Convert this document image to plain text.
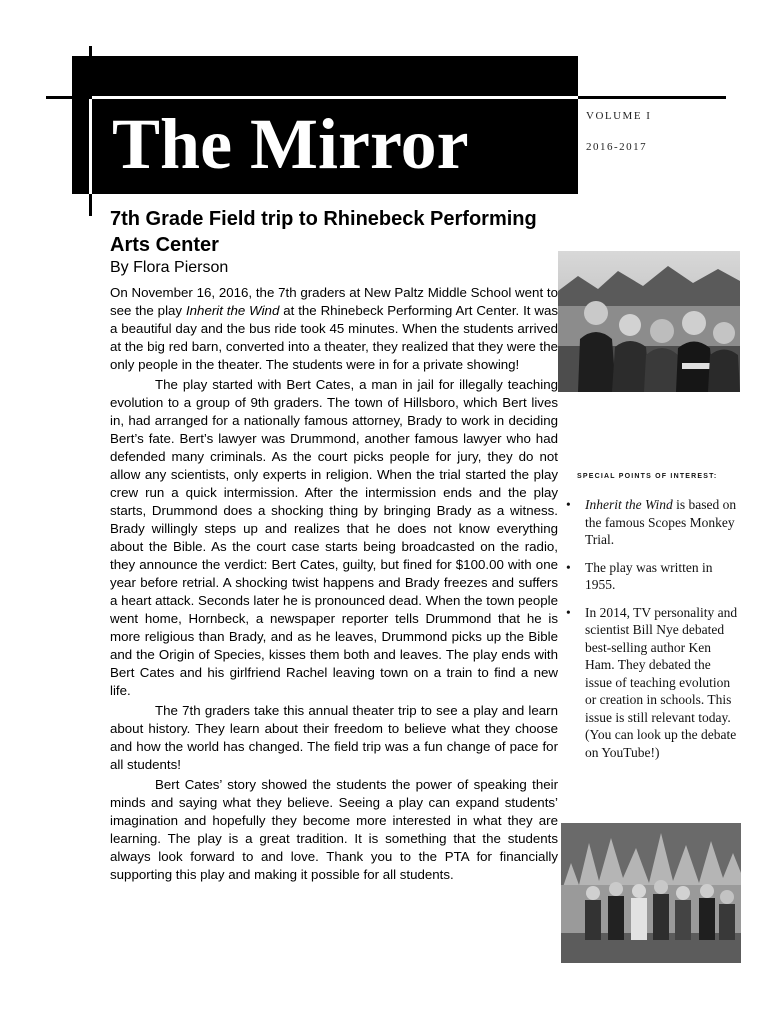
The Mirror	VOLUME I
2016-2017
7th Grade Field trip to Rhinebeck Performing Arts Center
By Flora Pierson

On November 16, 2016, the 7th graders at New Paltz Middle School went to see the play Inherit the Wind at the Rhinebeck Performing Art Center. It was a beautiful day and the bus ride took 45 minutes. When the students arrived at the big red barn, converted into a theater, they realized that they were the only people in the theater. The students were in for a private showing!

The play started with Bert Cates, a man in jail for illegally teaching evolution to a group of 9th graders. The town of Hillsboro, which Bert lives in, had arranged for a nationally famous attorney, Brady to work in deciding Bert’s fate. Bert’s lawyer was Drummond, another famous lawyer who had defended many criminals. As the court picks people for jury, they do not allow any scientists, only experts in religion. When the trial started the play crew run a quick intermission. After the intermission ends and the play starts, Drummond does a shocking thing by bringing Brady as a witness. Brady willingly steps up and realizes that he does not know everything about the Bible. As the court case starts being broadcasted on the radio, they announce the verdict: Bert Cates, guilty, but fined for $100.00 with one year before retrial. A shocking twist happens and Brady freezes and suffers a heart attack. Seconds later he is pronounced dead. When the town people went home, Hornbeck, a newspaper reporter tells Drummond that he is more religious than Brady, and as he leaves, Drummond picks up the Bible and the Origin of Species, kisses them both and leaves. The play ends with Bert Cates and his girlfriend Rachel leaving town on a train to find a new life.

The 7th graders take this annual theater trip to see a play and learn about history. They learn about their freedom to believe what they choose and how the world has changed. The field trip was a fun change of pace for all students!

Bert Cates’ story showed the students the power of speaking their minds and saying what they believe. Seeing a play can expand students’ imagination and hopefully they become more interested in what they are learning. The play is a great tradition. It is something that the students always look forward to and love. Thank you to the PTA for financially supporting this play and making it possible for all students.

SPECIAL POINTS OF INTEREST:
• Inherit the Wind is based on the famous Scopes Monkey Trial.
• The play was written in 1955.
• In 2014, TV personality and scientist Bill Nye debated best-selling author Ken Ham. They debated the issue of teaching evolution or creation in schools. This issue is still relevant today. (You can look up the debate on YouTube!)
